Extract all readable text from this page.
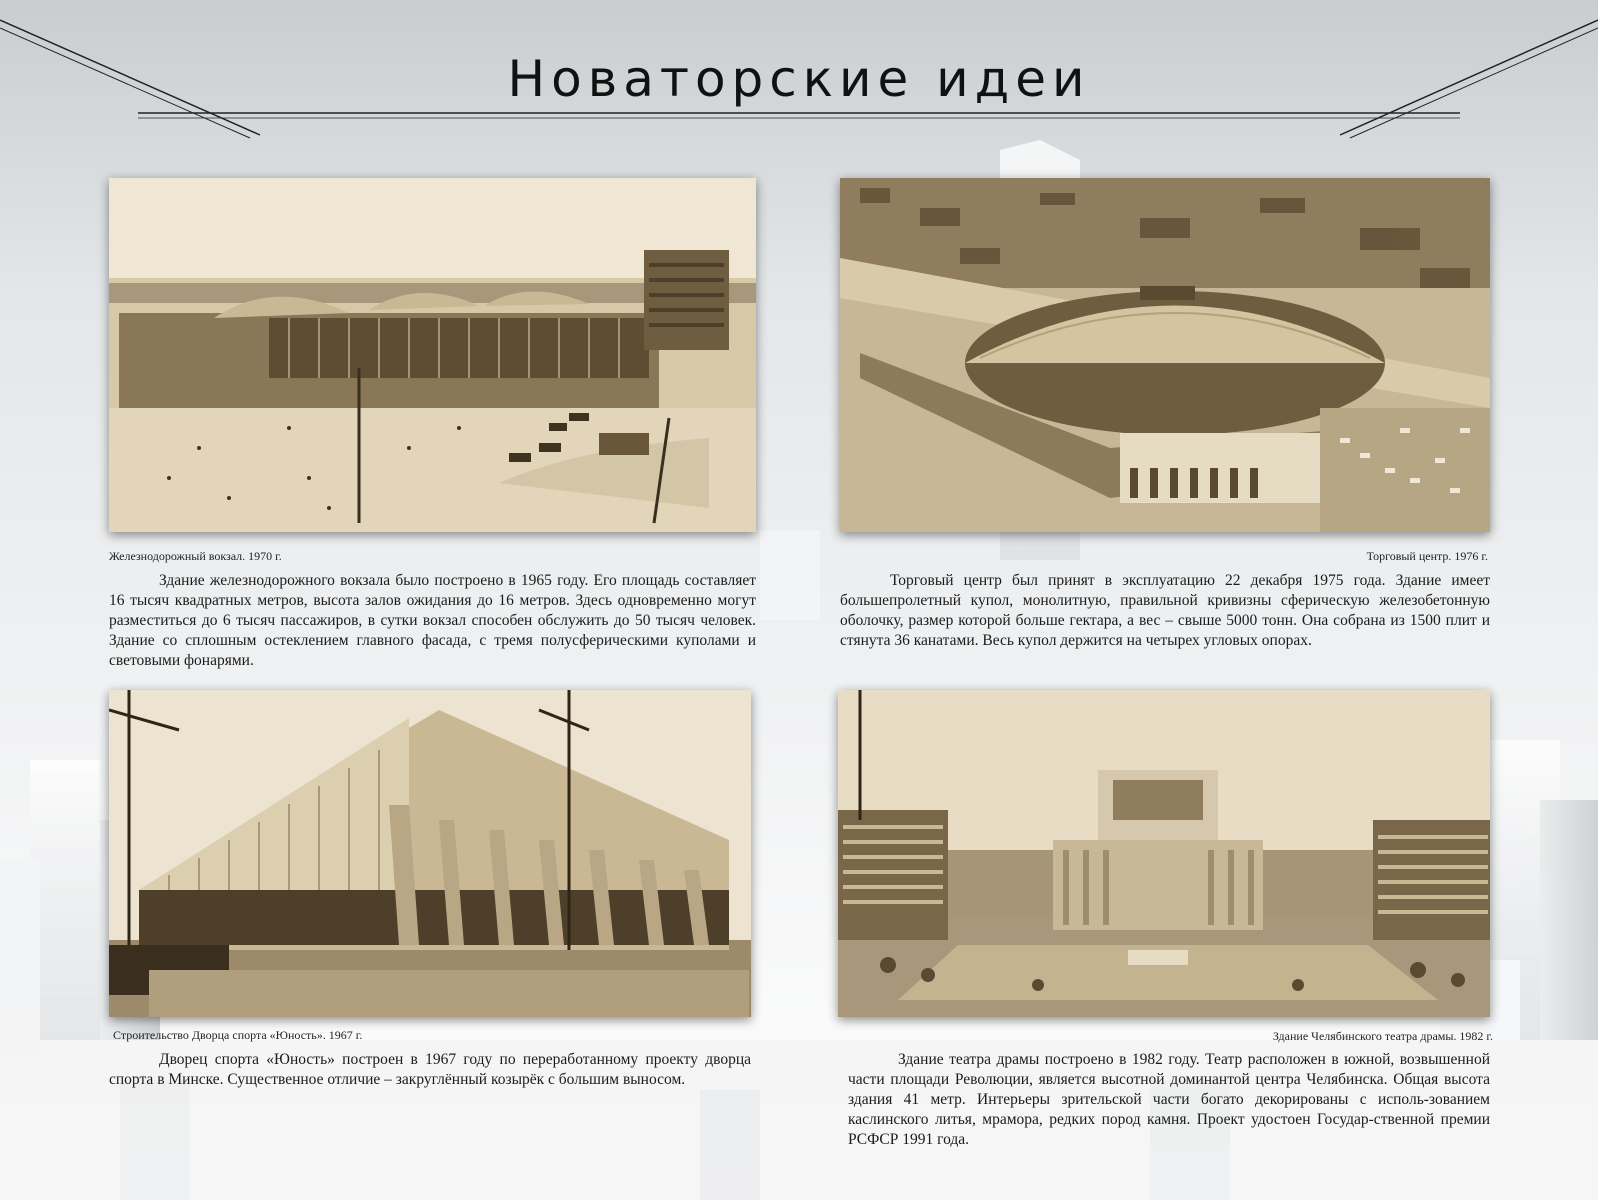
Новаторские идеи
Железнодорожный вокзал. 1970 г.
Здание железнодорожного вокзала было построено в 1965 году. Его площадь составляет 16 тысяч квадратных метров, высота залов ожидания до 16 метров. Здесь одновременно могут разместиться до 6 тысяч пассажиров, в сутки вокзал способен обслужить до 50 тысяч человек. Здание со сплошным остеклением главного фасада, с тремя полусферическими куполами и световыми фонарями.
Торговый центр. 1976 г.
Торговый центр был принят в эксплуатацию 22 декабря 1975 года. Здание имеет большепролетный купол, монолитную, правильной кривизны сферическую железобетонную оболочку, размер которой больше гектара, а вес – свыше 5000 тонн. Она собрана из 1500 плит и стянута 36 канатами. Весь купол держится на четырех угловых опорах.
Строительство Дворца спорта «Юность». 1967 г.
Дворец спорта «Юность» построен в 1967 году по переработанному проекту дворца спорта в Минске. Существенное отличие – закруглённый козырёк с большим выносом.
Здание Челябинского театра драмы. 1982 г.
Здание театра драмы построено в 1982 году. Театр расположен в южной, возвышенной части площади Революции, является высотной доминантой центра Челябинска. Общая высота здания 41 метр. Интерьеры зрительской части богато декорированы с исполь-зованием каслинского литья, мрамора, редких пород камня. Проект удостоен Государ-ственной премии РСФСР 1991 года.
